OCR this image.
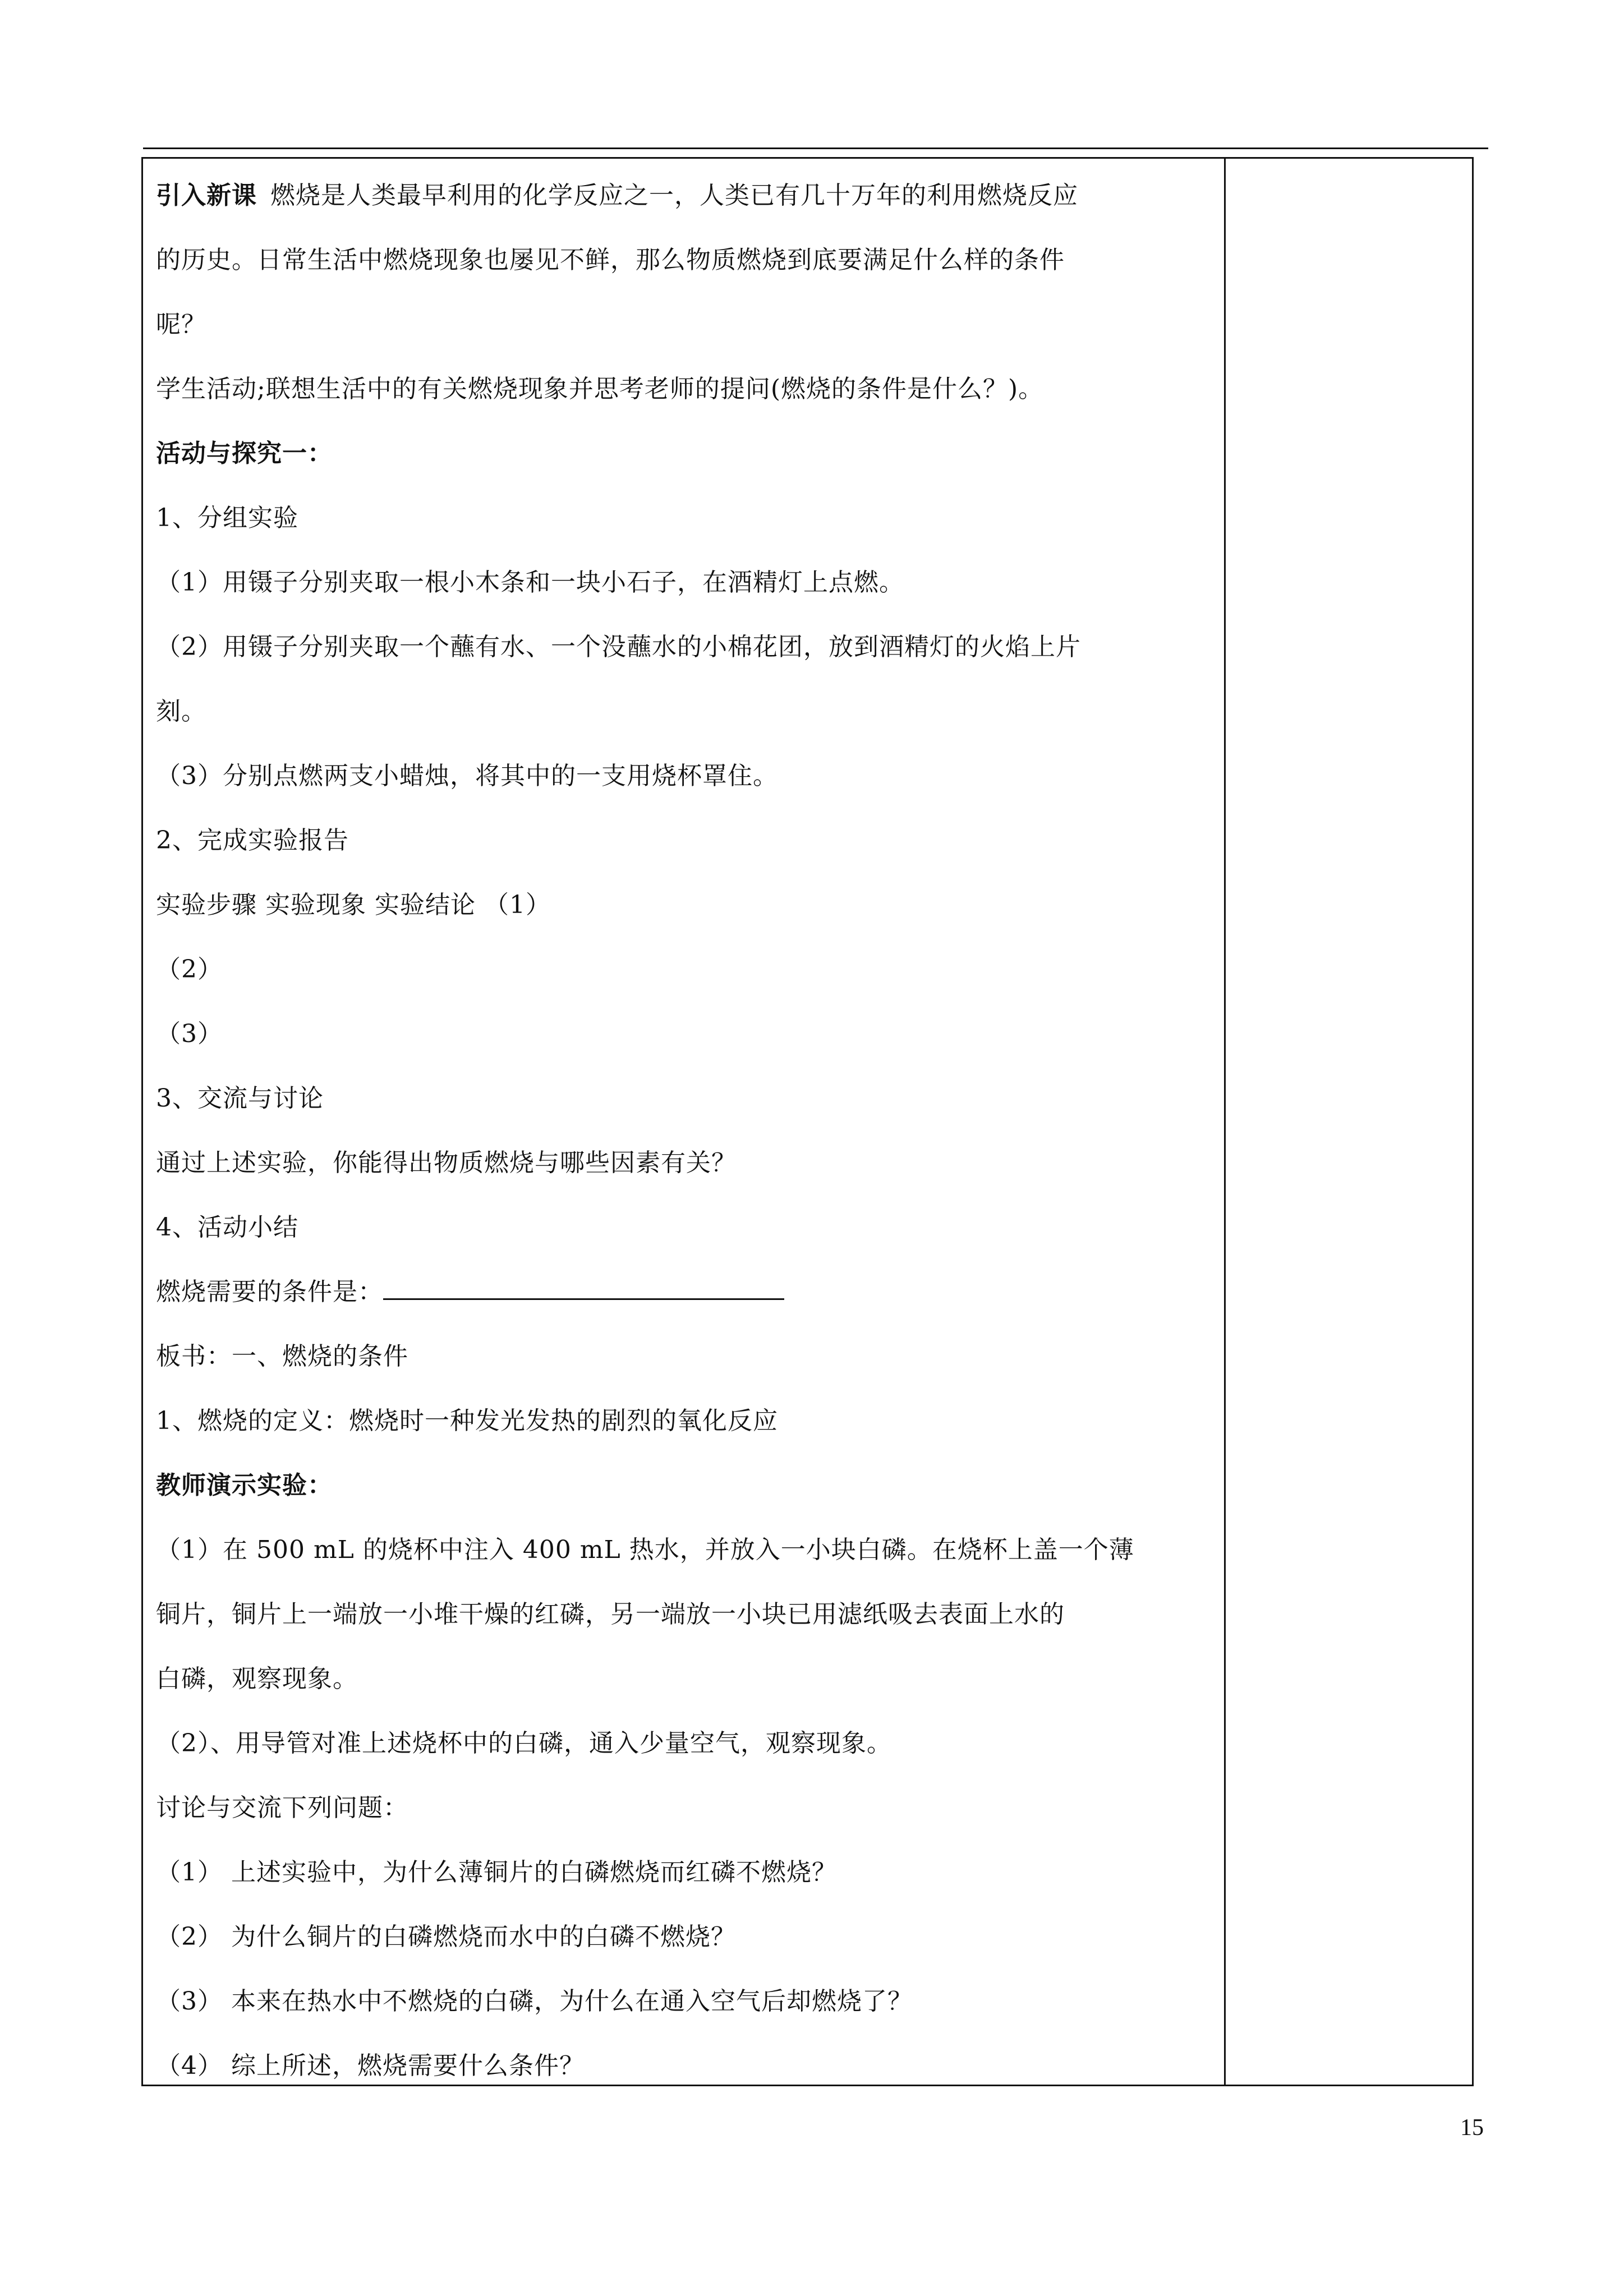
引入新课 燃烧是人类最早利用的化学反应之一，人类已有几十万年的利用燃烧反应
的历史。日常生活中燃烧现象也屡见不鲜，那么物质燃烧到底要满足什么样的条件
呢？
学生活动;联想生活中的有关燃烧现象并思考老师的提问(燃烧的条件是什么？)。
活动与探究一：
1、分组实验
（1）用镊子分别夹取一根小木条和一块小石子，在酒精灯上点燃。
（2）用镊子分别夹取一个蘸有水、一个没蘸水的小棉花团，放到酒精灯的火焰上片
刻。
（3）分别点燃两支小蜡烛，将其中的一支用烧杯罩住。
2、完成实验报告
实验步骤 实验现象 实验结论 （1）
（2）
（3）
3、交流与讨论
通过上述实验，你能得出物质燃烧与哪些因素有关？
4、活动小结
燃烧需要的条件是：
板书：一、燃烧的条件
1、燃烧的定义：燃烧时一种发光发热的剧烈的氧化反应
教师演示实验：
（1）在 500 mL 的烧杯中注入 400 mL 热水，并放入一小块白磷。在烧杯上盖一个薄
铜片，铜片上一端放一小堆干燥的红磷，另一端放一小块已用滤纸吸去表面上水的
白磷，观察现象。
（2）、用导管对准上述烧杯中的白磷，通入少量空气，观察现象。
讨论与交流下列问题：
（1） 上述实验中，为什么薄铜片的白磷燃烧而红磷不燃烧？
（2） 为什么铜片的白磷燃烧而水中的白磷不燃烧？
（3） 本来在热水中不燃烧的白磷，为什么在通入空气后却燃烧了？
（4） 综上所述，燃烧需要什么条件？
15
